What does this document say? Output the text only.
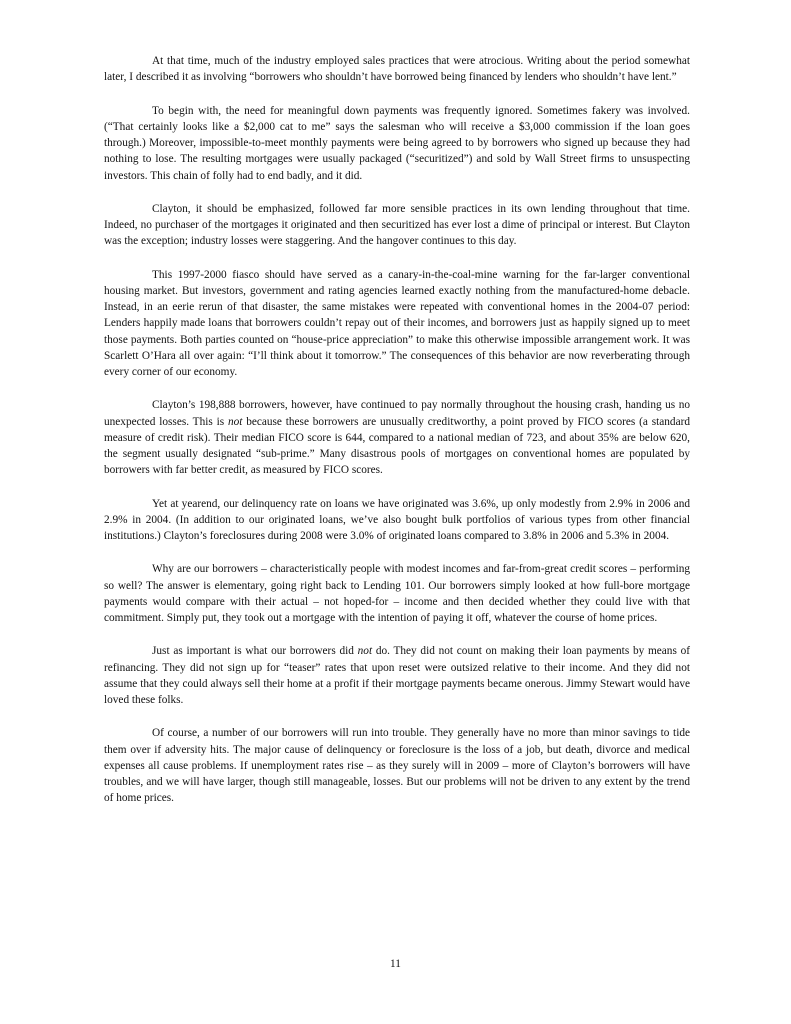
At that time, much of the industry employed sales practices that were atrocious. Writing about the period somewhat later, I described it as involving “borrowers who shouldn’t have borrowed being financed by lenders who shouldn’t have lent.”

To begin with, the need for meaningful down payments was frequently ignored. Sometimes fakery was involved. (“That certainly looks like a $2,000 cat to me” says the salesman who will receive a $3,000 commission if the loan goes through.) Moreover, impossible-to-meet monthly payments were being agreed to by borrowers who signed up because they had nothing to lose. The resulting mortgages were usually packaged (“securitized”) and sold by Wall Street firms to unsuspecting investors. This chain of folly had to end badly, and it did.

Clayton, it should be emphasized, followed far more sensible practices in its own lending throughout that time. Indeed, no purchaser of the mortgages it originated and then securitized has ever lost a dime of principal or interest. But Clayton was the exception; industry losses were staggering. And the hangover continues to this day.

This 1997-2000 fiasco should have served as a canary-in-the-coal-mine warning for the far-larger conventional housing market. But investors, government and rating agencies learned exactly nothing from the manufactured-home debacle. Instead, in an eerie rerun of that disaster, the same mistakes were repeated with conventional homes in the 2004-07 period: Lenders happily made loans that borrowers couldn’t repay out of their incomes, and borrowers just as happily signed up to meet those payments. Both parties counted on “house-price appreciation” to make this otherwise impossible arrangement work. It was Scarlett O’Hara all over again: “I’ll think about it tomorrow.” The consequences of this behavior are now reverberating through every corner of our economy.

Clayton’s 198,888 borrowers, however, have continued to pay normally throughout the housing crash, handing us no unexpected losses. This is not because these borrowers are unusually creditworthy, a point proved by FICO scores (a standard measure of credit risk). Their median FICO score is 644, compared to a national median of 723, and about 35% are below 620, the segment usually designated “sub-prime.” Many disastrous pools of mortgages on conventional homes are populated by borrowers with far better credit, as measured by FICO scores.

Yet at yearend, our delinquency rate on loans we have originated was 3.6%, up only modestly from 2.9% in 2006 and 2.9% in 2004. (In addition to our originated loans, we’ve also bought bulk portfolios of various types from other financial institutions.) Clayton’s foreclosures during 2008 were 3.0% of originated loans compared to 3.8% in 2006 and 5.3% in 2004.

Why are our borrowers – characteristically people with modest incomes and far-from-great credit scores – performing so well? The answer is elementary, going right back to Lending 101. Our borrowers simply looked at how full-bore mortgage payments would compare with their actual – not hoped-for – income and then decided whether they could live with that commitment. Simply put, they took out a mortgage with the intention of paying it off, whatever the course of home prices.

Just as important is what our borrowers did not do. They did not count on making their loan payments by means of refinancing. They did not sign up for “teaser” rates that upon reset were outsized relative to their income. And they did not assume that they could always sell their home at a profit if their mortgage payments became onerous. Jimmy Stewart would have loved these folks.

Of course, a number of our borrowers will run into trouble. They generally have no more than minor savings to tide them over if adversity hits. The major cause of delinquency or foreclosure is the loss of a job, but death, divorce and medical expenses all cause problems. If unemployment rates rise – as they surely will in 2009 – more of Clayton’s borrowers will have troubles, and we will have larger, though still manageable, losses. But our problems will not be driven to any extent by the trend of home prices.

11
